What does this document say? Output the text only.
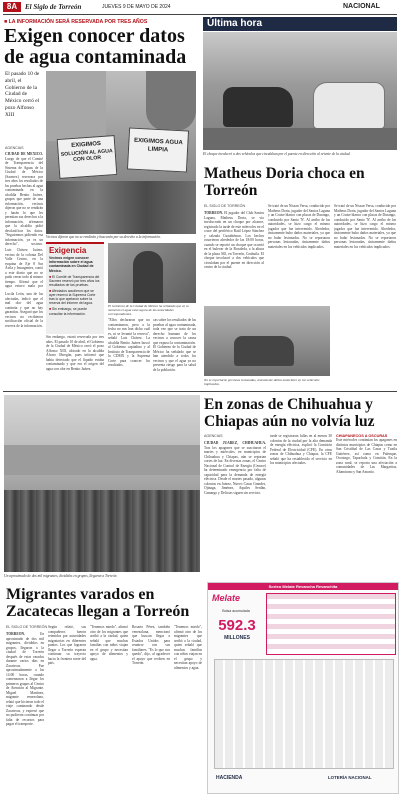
8A	El Siglo de Torreón	JUEVES 9 DE MAYO DE 2024	NACIONAL
■ LA INFORMACIÓN SERÁ RESERVADA POR TRES AÑOS
Exigen conocer datos de agua contaminada
El pasado 10 de abril, el Gobierno de la Ciudad de México cerró el pozo Alfonso XIII
AGENCIAS
CIUDAD DE MÉXICO. Luego de que el Comité de Transparencia del Sistema de Aguas de la Ciudad de México (Sacmex) reservara por tres años los resultados de las pruebas hechas al agua contaminada en la alcaldía Benito Juárez, grupos que parte de una información, vecinos dijeron que no se rendirán y harán lo que les permitan sus derechos a la información, afirmaron que la alcaldía pidió desclasificar los datos. "Seguiremos pidiendo esa información, ya es un derecho", sostuvo.
Luis Chávez Juárez, vecino de la colonia Del Valle Centro, en la esquina de Eje 8 Sur Ávila y Insurgentes, contó a este diario que no se pudo cerrar todo al mismo tiempo. Afirmó que el agua estuvo mala por
Lucila León, una de las afectadas, indicó que el mal olor del agua continúa y que no hay garantías. Aseguró que los vecinos no recibieron notificación oficial de la reserva de la información.
EXIGIMOS
SOLUCIÓN AL AGUA CON OLOR
EXIGIMOS AGUA LIMPIA
Vecinos dijeron que no se rendirán y buscarán por su derecho a la información.
Exigencia
Vecinos exigen conocer información sobre el agua contaminada en Ciudad de México.
■ El Comité de Transparencia del Sacmex reservó por tres años los resultados de las pruebas.
■ Afectados acudieron que se ayer reservó la Suprema Corte tras lo que apelaron sobre la reserva del informe del agua.
■ Sin embargo, se puede consultar la información.
El Gobierno de la Ciudad de México ha señalado que en su momento el agua está segura de las autoridades correspondientes.
Sin embargo, estará reservada por tres años. El pasado 10 de abril, el Gobierno de la Ciudad de México cerró el pozo Alfonso XIII, ubicado en la alcaldía Álvaro Obregón, pues informó que había detectado que el líquido estaba contaminado y que era el origen del agua con olor en Benito Juárez.
"Ellos declararon que no contaminaron, pero a la fecha no nos han dicho cuál es, ni se levantó la reserva", señaló Luis Chávez. La alcaldía Benito Juárez buscó al Gobierno capitalino y al Instituto de Transparencia de la CDMX y la Suprema Corte para conocer los resultados.
cas sobre los resultados de las pruebas al agua contaminada, toda vez que se trata de un derecho humano de los vecinos a conocer la causa que expuso la contaminación. El Gobierno de la Ciudad de México ha señalado que se han atendido a todos los vecinos y que el agua ya no presenta riesgo para la salud de la población.
Última hora
El choque involucró a dos vehículos que circulaban por el puente en dirección al oriente de la ciudad.
Matheus Doria choca en Torreón
EL SIGLO DE TORREÓN
TORREÓN. El jugador del Club Santos Laguna, Matheus Doria, se vio involucrado en un choque por alcance, registrado la tarde de este miércoles en el cruce del periférico Raúl López Sánchez y calzada Cuauhtémoc. Los hechos ocurrieron alrededor de las 18:00 horas, cuando se reportó un choque que ocurrió en el bulevar de la Rosaleda, a la altura de la plaza 365, en Torreón, Coahuila. El choque involucró a dos vehículos que circulaban por el puente en dirección al centro de la ciudad.
Se trató de un Nissan Versa, conducido por Matheus Doria, jugador del Santos Laguna y un Cruise blanco con placas de Durango, conducido por Santo 'N'. Al arribo de las autoridades, se hizo cargo el mismo jugador que fue intervenido. Alrededor, únicamente hubo daños materiales, ya que no hubo lesionados. No se reportaron personas lesionadas, únicamente daños materiales en los vehículos implicados.
No se reportaron personas lesionadas, únicamente daños materiales en los vehículos implicados.
Se trató de un Nissan Versa, conducido por Matheus Doria, jugador del Santos Laguna y un Cruise blanco con placas de Durango, conducido por Santo 'N'. Al arribo de las autoridades, se hizo cargo el mismo jugador que fue intervenido. Alrededor, únicamente hubo daños materiales, ya que no hubo lesionados. No se reportaron personas lesionadas, únicamente daños materiales en los vehículos implicados.
Un aproximado de dos mil migrantes, divididos en grupos, llegaron a Torreón.
En zonas de Chihuahua y Chiapas aún no volvía luz
AGENCIAS
CIUDAD JUÁREZ, CHIHUAHUA. Tras los apagones que se suscitaron el martes y miércoles, en municipios de Chihuahua y Chiapas, aún se reportan cortes de luz. En diversas zonas, el Centro Nacional de Control de Energía (Cenace) ha determinado emergencia por falta de capacidad para la demanda de energía eléctrica. Desde el martes pasado, algunas colonias en Juárez, Nuevo Casas Grandes, Ojinaga, Jiménez, Aquiles Serdán, Camargo y Delicias siguen sin servicio.
tarde se registraron fallas en al menos 30 colonias de la ciudad por la alta demanda de energía eléctrica, explicó la Comisión Federal de Electricidad (CFE). En otras zonas de Chihuahua y Chiapas, la CFE señaló que ha restablecido el servicio en los municipios afectados.
CHIAPANECOS A OSCURAS
Este miércoles continúan los apagones en distintos municipios de Chiapas como en San Cristóbal de Las Casas y Tuxtla Gutiérrez, así como en Palenque, Ocosingo, Tapachula y Comitán. En la zona rural, se reporta una afectación a comunidades de Las Margaritas, Altamirano y San Antonio.
Migrantes varados en Zacatecas llegan a Torreón
EL SIGLO DE TORREÓN
TORREÓN.	Un aproximado de dos mil migrantes, divididos en grupos, llegaron a la ciudad de Torreón después de estar varados durante varios días en Zacatecas. Fue aproximadamente a las 14:00 horas, cuando comenzaron a llegar los primeros grupos al Centro de Atención al Migrante. Miguel Martínez, migrante venezolano, relató que hicieron todo el viaje caminando desde Zacatecas, y expresó que no pudieron continuar por falta de recursos para pagar el transporte.
Según relató, sus compañeros fueron retenidos por autoridades migratorias en diferentes puntos. Los que lograron llegar a Torreón esperan continuar su trayecto hacia la frontera norte del país.
"Tenemos miedo", afirmó otro de los migrantes que arribó a la ciudad, quien señaló que muchas familias con niños viajan en el grupo y necesitan apoyo de alimentos y agua.
Rosario Pérez, también venezolana, mencionó que buscan llegar a Estados Unidos para reunirse con sus familiares. "Es lo que nos queda", dijo, al agradecer el apoyo que reciben en Torreón.
"Tenemos miedo", afirmó otro de los migrantes que arribó a la ciudad, quien señaló que muchas familias con niños viajan en el grupo y necesitan apoyo de alimentos y agua.
Sorteo Melate Revancha Revanchita
Melate
Bolsa acumulada
592.3
MILLONES
HACIENDA	LOTERÍA NACIONAL
